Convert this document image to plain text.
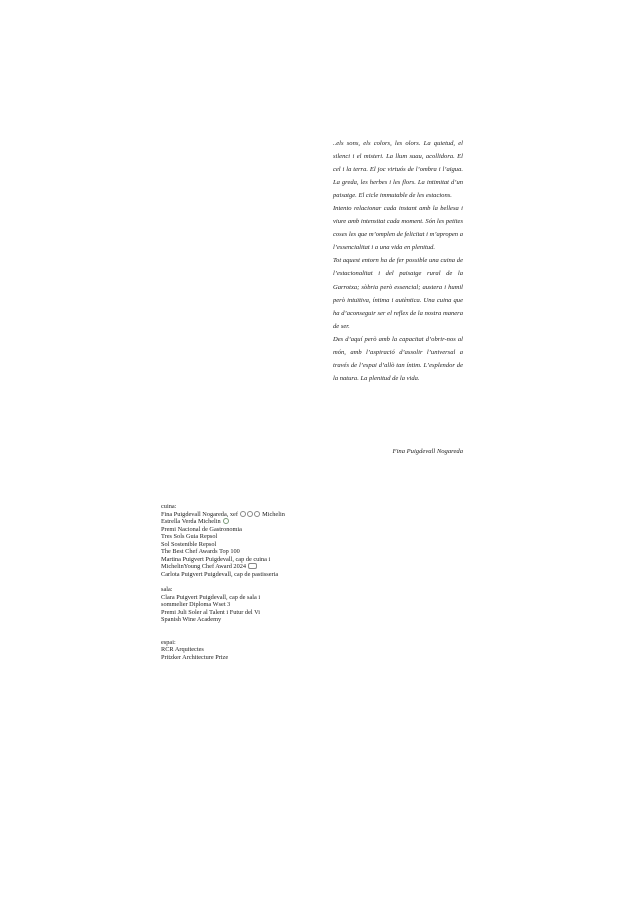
..els sons, els colors, les olors. La quietud, el silenci i el misteri. La llum suau, acollidora. El cel i la terra. El joc virtuós de l’ombra i l’aigua. La greda, les herbes i les flors. La intimitat d’un paisatge. El cicle immutable de les estacions.

Intento relacionar cada instant amb la bellesa i viure amb intensitat cada moment. Són les petites coses les que m’omplen de felicitat i m’apropen a l’essencialitat i a una vida en plenitud.

Tot aquest entorn ha de fer possible una cuina de l’estacionalitat i del paisatge rural de la Garrotxa; sòbria però essencial; austera i humil però intuïtiva, íntima i autèntica. Una cuina que ha d’aconseguir ser el reflex de la nostra manera de ser.

Des d’aquí però amb la capacitat d’obrir-nos al món, amb l’aspiració d’assolir l’universal a través de l’espai d’allò tan íntim. L’esplendor de la natura. La plenitud de la vida.

Fina Puigdevall Nogareda
cuina:
Fina Puigdevall Nogareda, xef	Michelin
Estrella Verda Michelin
Premi Nacional de Gastronomia
Tres Sols Guia Repsol
Sol Sostenible Repsol
The Best Chef Awards Top 100
Martina Puigvert Puigdevall, cap de cuina i
MichelinYoung Chef Award 2024
Carlota Puigvert Puigdevall, cap de pastisseria
sala:
Clara Puigvert Puigdevall, cap de sala i
sommelier Diploma Wset 3
Premi Juli Soler al Talent i Futur del Vi
Spanish Wine Academy
espai:
RCR Arquitectes
Pritzker Architecture Prize
